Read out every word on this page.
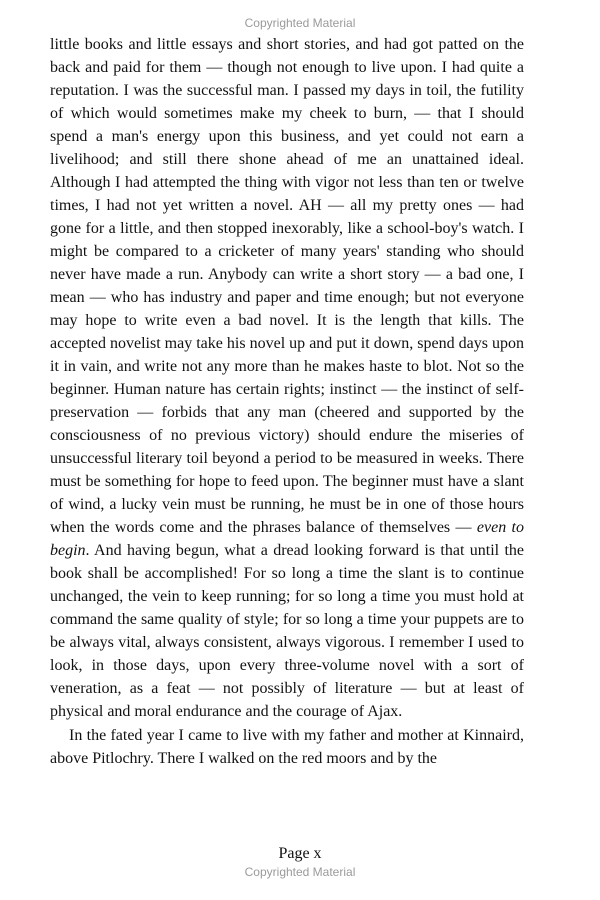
Copyrighted Material

little books and little essays and short stories, and had got patted on the back and paid for them — though not enough to live upon. I had quite a reputation. I was the successful man. I passed my days in toil, the futility of which would sometimes make my cheek to burn, — that I should spend a man's energy upon this business, and yet could not earn a livelihood; and still there shone ahead of me an unattained ideal. Although I had attempted the thing with vigor not less than ten or twelve times, I had not yet written a novel. AH — all my pretty ones — had gone for a little, and then stopped inexorably, like a school-boy's watch. I might be compared to a cricketer of many years' standing who should never have made a run. Anybody can write a short story — a bad one, I mean — who has industry and paper and time enough; but not everyone may hope to write even a bad novel. It is the length that kills. The accepted novelist may take his novel up and put it down, spend days upon it in vain, and write not any more than he makes haste to blot. Not so the beginner. Human nature has certain rights; instinct — the instinct of self-preservation — forbids that any man (cheered and supported by the consciousness of no previous victory) should endure the miseries of unsuccessful literary toil beyond a period to be measured in weeks. There must be something for hope to feed upon. The beginner must have a slant of wind, a lucky vein must be running, he must be in one of those hours when the words come and the phrases balance of themselves — even to begin. And having begun, what a dread looking forward is that until the book shall be accomplished! For so long a time the slant is to continue unchanged, the vein to keep running; for so long a time you must hold at command the same quality of style; for so long a time your puppets are to be always vital, always consistent, always vigorous. I remember I used to look, in those days, upon every three-volume novel with a sort of veneration, as a feat — not possibly of literature — but at least of physical and moral endurance and the courage of Ajax.

In the fated year I came to live with my father and mother at Kinnaird, above Pitlochry. There I walked on the red moors and by the

Page x
Copyrighted Material
